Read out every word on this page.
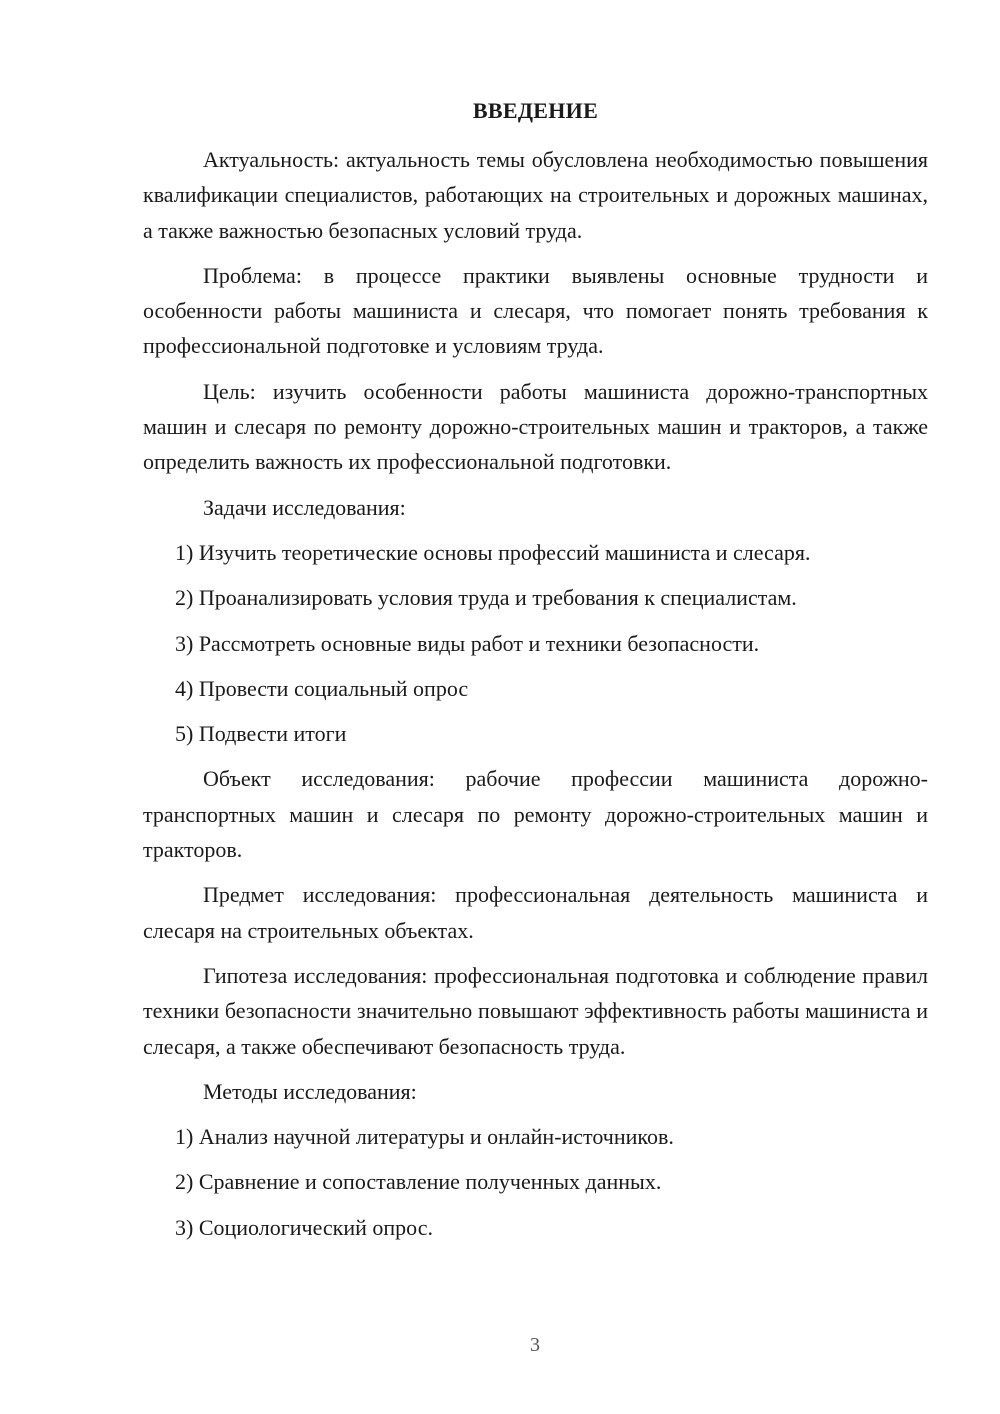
ВВЕДЕНИЕ

Актуальность: актуальность темы обусловлена необходимостью повышения квалификации специалистов, работающих на строительных и дорожных машинах, а также важностью безопасных условий труда.

Проблема: в процессе практики выявлены основные трудности и особенности работы машиниста и слесаря, что помогает понять требования к профессиональной подготовке и условиям труда.

Цель: изучить особенности работы машиниста дорожно-транспортных машин и слесаря по ремонту дорожно-строительных машин и тракторов, а также определить важность их профессиональной подготовки.

Задачи исследования:

1) Изучить теоретические основы профессий машиниста и слесаря.

2) Проанализировать условия труда и требования к специалистам.

3) Рассмотреть основные виды работ и техники безопасности.

4) Провести социальный опрос

5) Подвести итоги

Объект исследования: рабочие профессии машиниста дорожно-транспортных машин и слесаря по ремонту дорожно-строительных машин и тракторов.

Предмет исследования: профессиональная деятельность машиниста и слесаря на строительных объектах.

Гипотеза исследования: профессиональная подготовка и соблюдение правил техники безопасности значительно повышают эффективность работы машиниста и слесаря, а также обеспечивают безопасность труда.

Методы исследования:

1) Анализ научной литературы и онлайн-источников.

2) Сравнение и сопоставление полученных данных.

3) Социологический опрос.

3
